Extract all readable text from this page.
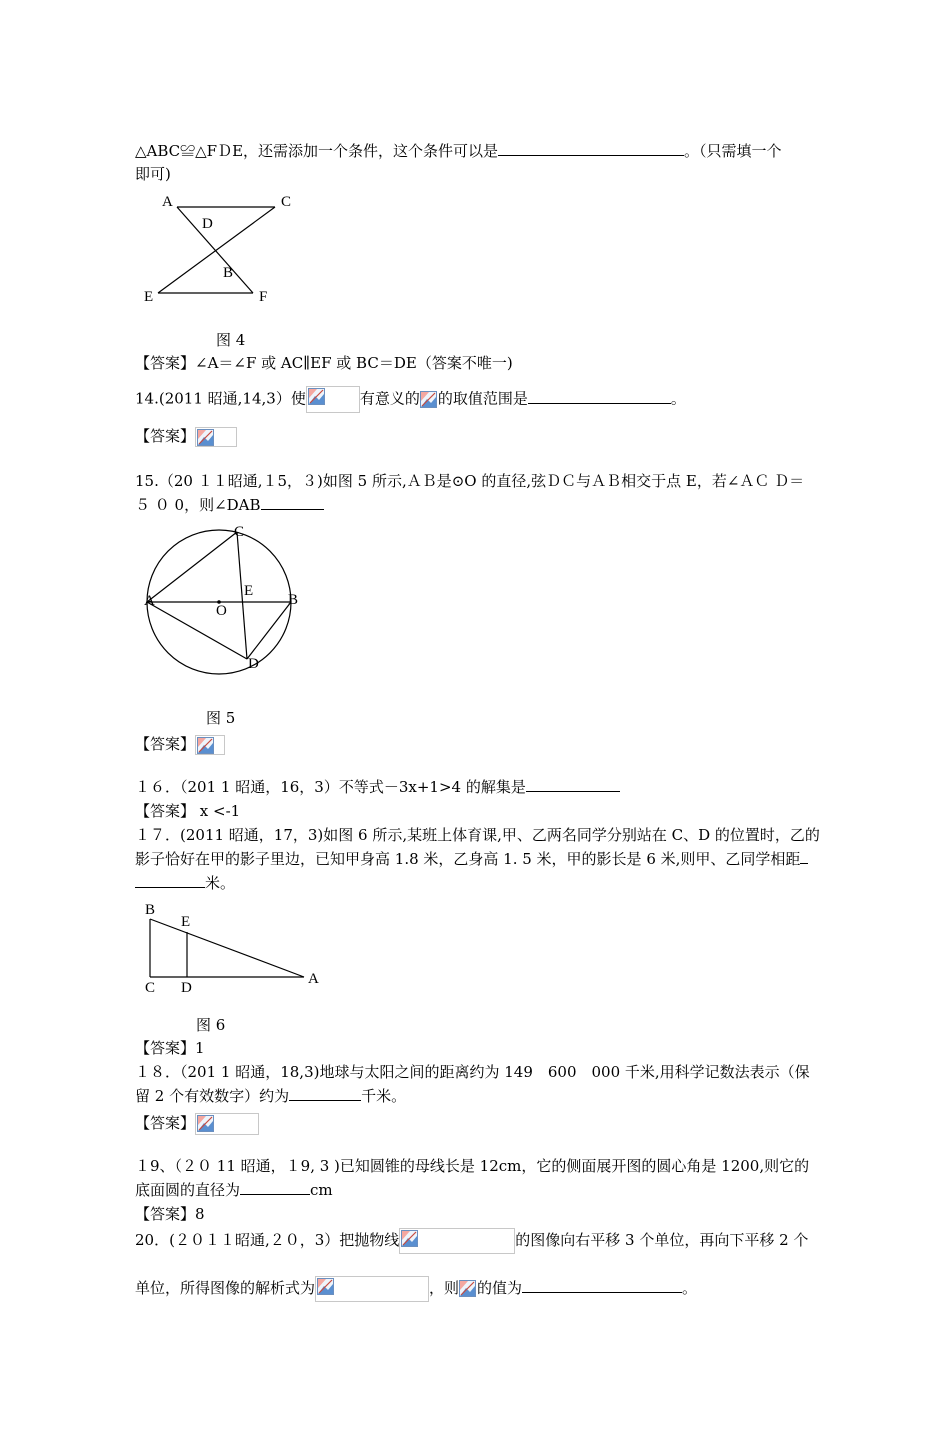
△ABC≌△FＤE，还需添加一个条件，这个条件可以是	。（只需填一个
即可)
A	C
D
B
E	F
图 4
【答案】∠A＝∠F 或 AC∥EF 或 BC＝DE（答案不唯一)
14.(2011 昭通,14,3）使	有意义的 的取值范围是	。
【答案】
15.（20 １１昭通,１5，３)如图 5 所示,ＡＢ是⊙O 的直径,弦ＤＣ与ＡＢ相交于点 E，若∠ＡＣ Ｄ＝
５ ０ 0，则∠DAB
C
A
O
E
B
D
图 5
【答案】
１６．（201 1 昭通，16，3）不等式－3x+1>4 的解集是
【答案】 x <-1
１７．(2011 昭通，17，3)如图 6 所示,某班上体育课,甲、乙两名同学分别站在 C、D 的位置时，乙的
影子恰好在甲的影子里边，已知甲身高 1.8 米，乙身高 1. 5 米，甲的影长是 6 米,则甲、乙同学相距
米。
B
E
C D
A
图 6
【答案】1
１８．（201 1 昭通，18,3)地球与太阳之间的距离约为 149　600　000 千米,用科学记数法表示（保
留 2 个有效数字）约为	千米。
【答案】
１9、（２０ 11 昭通，１9, 3 )已知圆锥的母线长是 12cm，它的侧面展开图的圆心角是 1200,则它的
底面圆的直径为	cm
【答案】8
20．(２０１１昭通,２０，3）把抛物线	的图像向右平移 3 个单位，再向下平移 2 个
单位，所得图像的解析式为	，则 的值为	。
